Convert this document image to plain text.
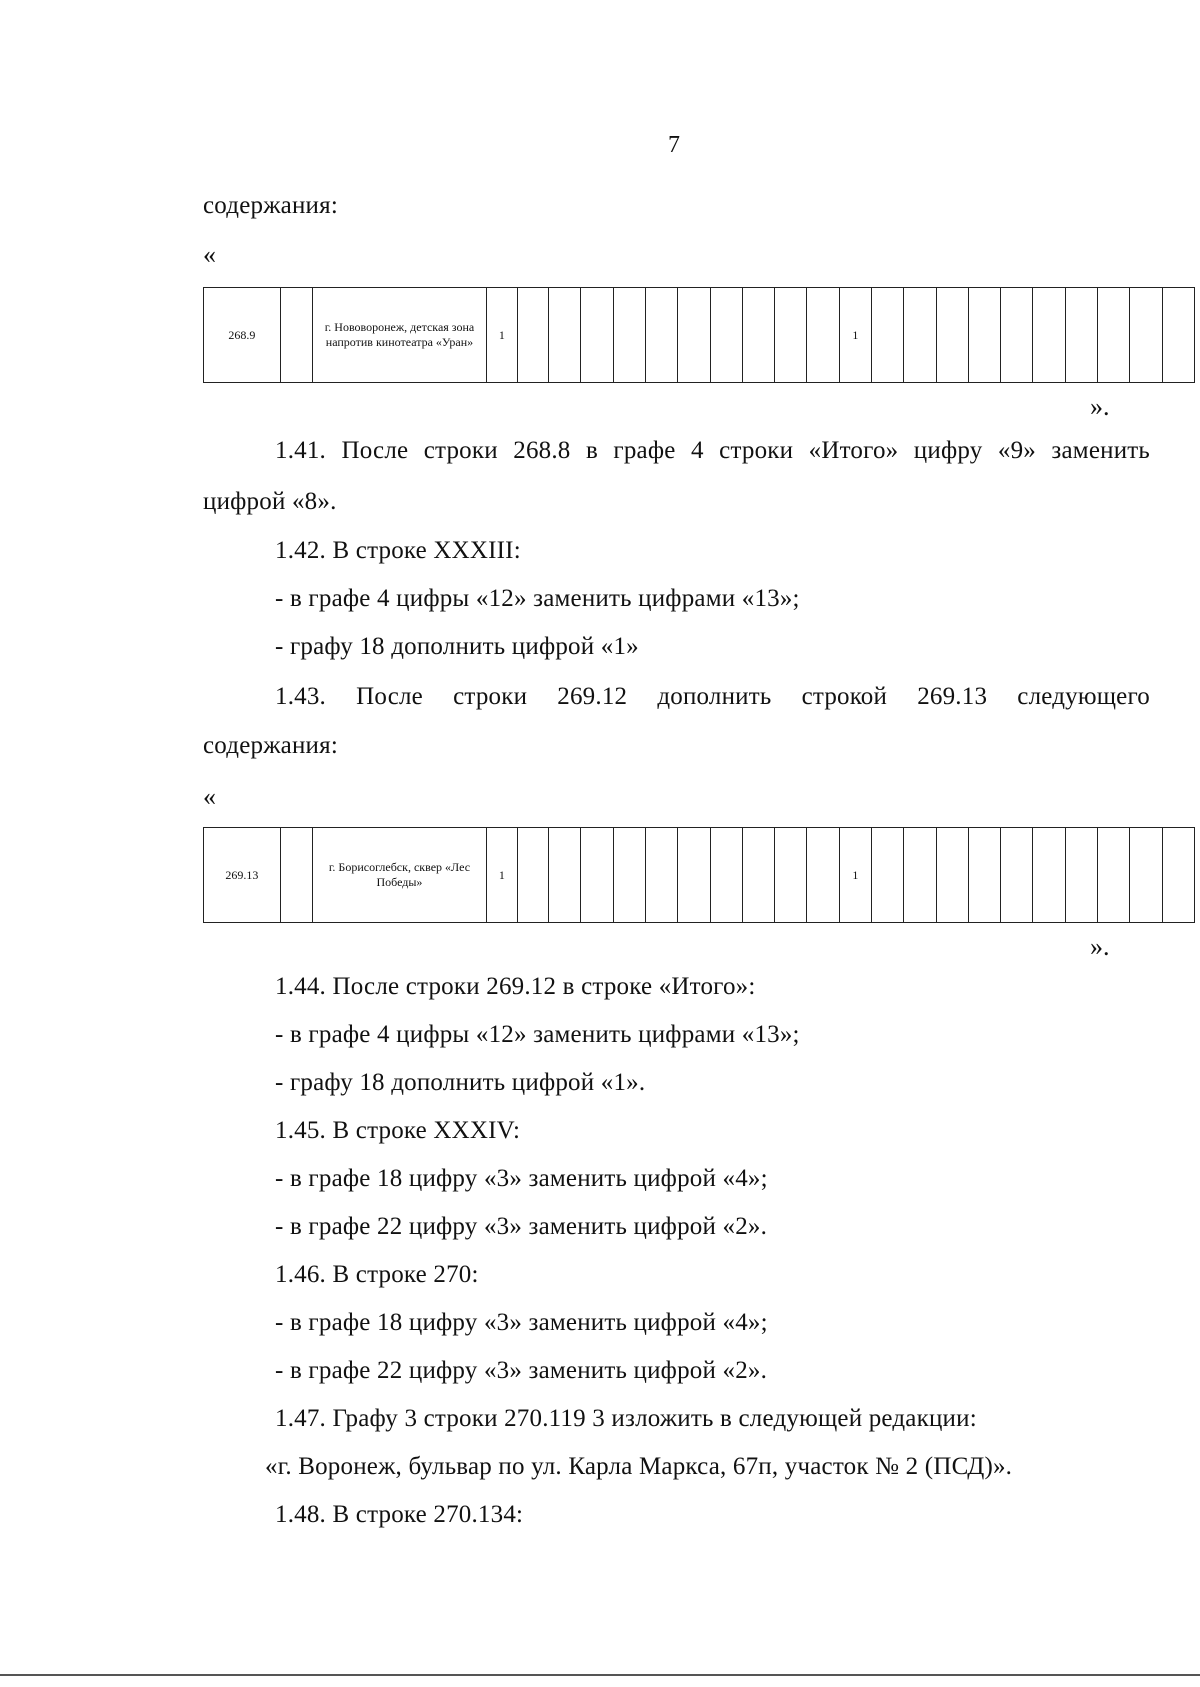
7
содержания:
«
268.9		г. Нововоронеж, детская зона напротив кинотеатра «Уран»	1											1										
».
1.41. После строки 268.8 в графе 4 строки «Итого» цифру «9» заменить
цифрой «8».
1.42. В строке XXXIII:
- в графе 4 цифры «12» заменить цифрами «13»;
- графу 18 дополнить цифрой «1»
1.43. После строки 269.12 дополнить строкой 269.13 следующего
содержания:
«
269.13		г. Борисоглебск, сквер «Лес Победы»	1											1										
».
1.44. После строки 269.12 в строке «Итого»:
- в графе 4 цифры «12» заменить цифрами «13»;
- графу 18 дополнить цифрой «1».
1.45. В строке XXXIV:
- в графе 18 цифру «3» заменить цифрой «4»;
- в графе 22 цифру «3» заменить цифрой «2».
1.46. В строке 270:
- в графе 18 цифру «3» заменить цифрой «4»;
- в графе 22 цифру «3» заменить цифрой «2».
1.47. Графу 3 строки 270.119 3 изложить в следующей редакции:
«г. Воронеж, бульвар по ул. Карла Маркса, 67п, участок № 2 (ПСД)».
1.48. В строке 270.134:
